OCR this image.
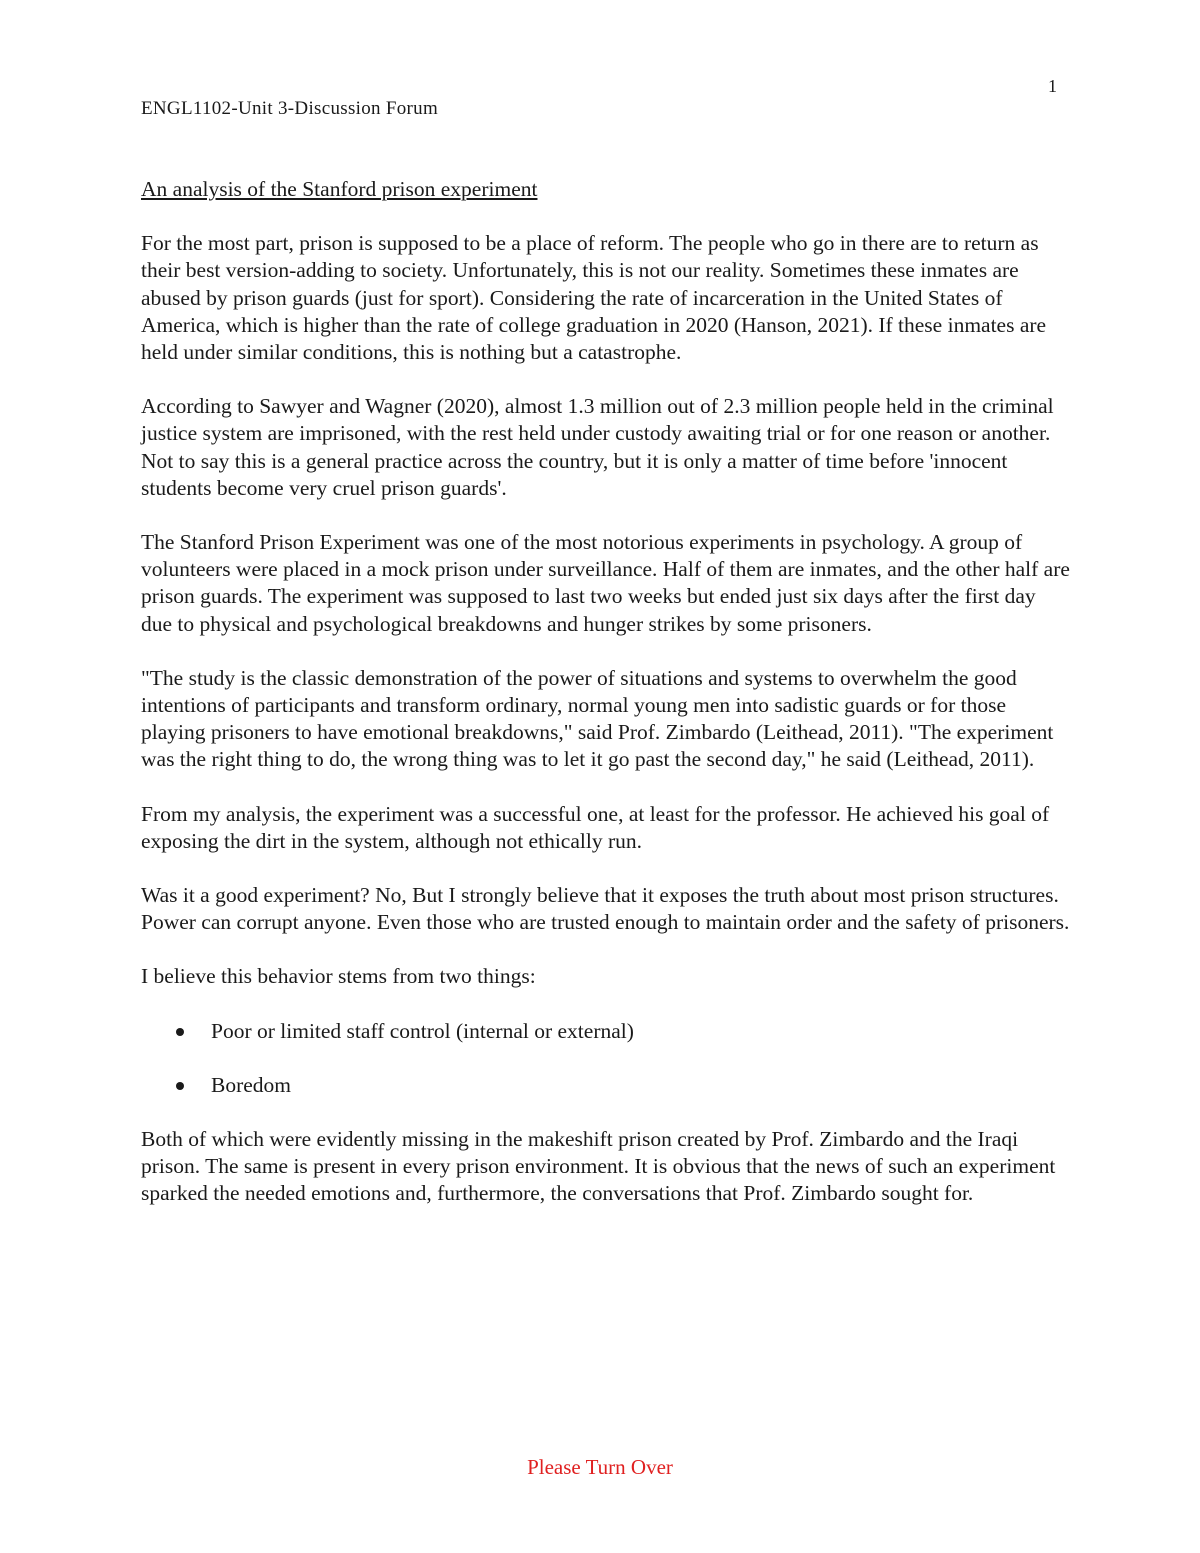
1
ENGL1102-Unit 3-Discussion Forum
An analysis of the Stanford prison experiment

For the most part, prison is supposed to be a place of reform. The people who go in there are to return as their best version-adding to society. Unfortunately, this is not our reality. Sometimes these inmates are abused by prison guards (just for sport). Considering the rate of incarceration in the United States of America, which is higher than the rate of college graduation in 2020 (Hanson, 2021). If these inmates are held under similar conditions, this is nothing but a catastrophe.

According to Sawyer and Wagner (2020), almost 1.3 million out of 2.3 million people held in the criminal justice system are imprisoned, with the rest held under custody awaiting trial or for one reason or another. Not to say this is a general practice across the country, but it is only a matter of time before 'innocent students become very cruel prison guards'.

The Stanford Prison Experiment was one of the most notorious experiments in psychology. A group of volunteers were placed in a mock prison under surveillance. Half of them are inmates, and the other half are prison guards. The experiment was supposed to last two weeks but ended just six days after the first day due to physical and psychological breakdowns and hunger strikes by some prisoners.

"The study is the classic demonstration of the power of situations and systems to overwhelm the good intentions of participants and transform ordinary, normal young men into sadistic guards or for those playing prisoners to have emotional breakdowns," said Prof. Zimbardo (Leithead, 2011). "The experiment was the right thing to do, the wrong thing was to let it go past the second day," he said (Leithead, 2011).

From my analysis, the experiment was a successful one, at least for the professor. He achieved his goal of exposing the dirt in the system, although not ethically run.

Was it a good experiment? No, But I strongly believe that it exposes the truth about most prison structures. Power can corrupt anyone. Even those who are trusted enough to maintain order and the safety of prisoners.

I believe this behavior stems from two things:

Poor or limited staff control (internal or external)
Boredom

Both of which were evidently missing in the makeshift prison created by Prof. Zimbardo and the Iraqi prison. The same is present in every prison environment. It is obvious that the news of such an experiment sparked the needed emotions and, furthermore, the conversations that Prof. Zimbardo sought for.

Please Turn Over
